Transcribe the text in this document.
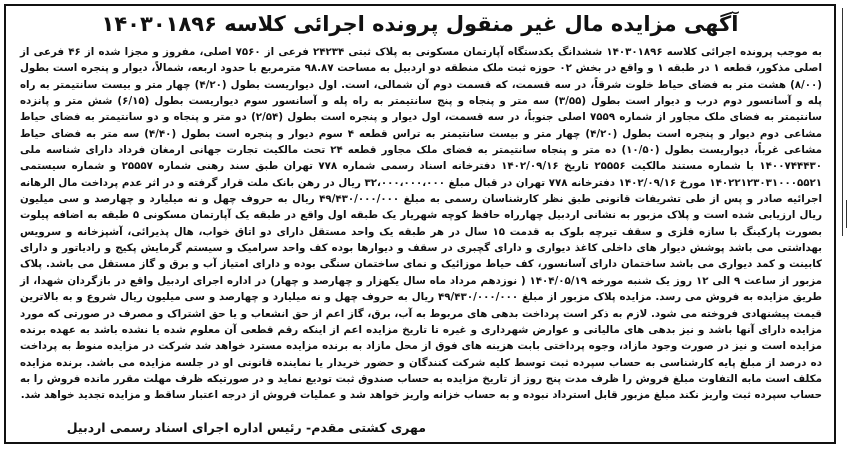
آگهی مزایده مال غیر منقول پرونده اجرائی کلاسه ۱۴۰۳۰۱۸۹۶

به موجب پرونده اجرائی کلاسه ۱۴۰۳۰۱۸۹۶ ششدانگ یکدستگاه آپارتمان مسکونی به پلاک ثبتی ۲۴۲۳۴ فرعی از ۷۵۶۰ اصلی، مفروز و مجزا شده از ۴۶ فرعی از اصلی مذکور، قطعه ۱ در طبقه ۱ و واقع در بخش ۰۲ حوزه ثبت ملک منطقه دو اردبیل به مساحت ۹۸.۸۷ مترمربع با حدود اربعه، شمالاً، دیوار و پنجره است بطول (۸/۰۰) هشت متر به فضای حیاط خلوت شرقاً، در سه قسمت، که قسمت دوم آن شمالی، است. اول دیواریست بطول (۴/۲۰) چهار متر و بیست سانتیمتر به راه پله و آسانسور دوم درب و دیوار است بطول (۳/۵۵) سه متر و پنجاه و پنج سانتیمتر به راه پله و آسانسور سوم دیواریست بطول (۶/۱۵) شش متر و پانزده سانتیمتر به فضای ملک مجاور از شماره ۷۵۵۹ اصلی جنوباً، در سه قسمت، اول دیوار و پنجره است بطول (۲/۵۴) دو متر و پنجاه و دو سانتیمتر به فضای حیاط مشاعی دوم دیوار و پنجره است بطول (۴/۲۰) چهار متر و بیست سانتیمتر به تراس قطعه ۴ سوم دیوار و پنجره است بطول (۴/۴۰) سه متر به فضای حیاط مشاعی غرباً، دیواریست بطول (۱۰/۵۰) ده متر و پنجاه سانتیمتر به فضای ملک مجاور قطعه ۲۴ تحت مالکیت تجارت جهانی ارمغان فرداد دارای شناسه ملی ۱۴۰۰۷۴۴۴۳۰ با شماره مستند مالکیت ۲۵۵۵۶ تاریخ ۱۴۰۲/۰۹/۱۶ دفترخانه اسناد رسمی شماره ۷۷۸ تهران طبق سند رهنی شماره ۲۵۵۵۷ و شماره سیستمی ۱۴۰۲۲۱۲۳۰۳۱۰۰۰۵۵۲۱ مورخ ۱۴۰۲/۰۹/۱۶ دفترخانه ۷۷۸ تهران در قبال مبلغ ۳۲،۰۰۰،۰۰۰،۰۰۰ ریال در رهن بانک ملت قرار گرفته و در اثر عدم پرداخت مال الرهانه اجرائیه صادر و پس از طی تشریفات قانونی طبق نظر کارشناسان رسمی به مبلغ ۴۹/۴۳۰/۰۰۰/۰۰۰ ریال به حروف چهل و نه میلیارد و چهارصد و سی میلیون ریال ارزیابی شده است و پلاک مزبور به نشانی اردبیل چهارراه حافظ کوچه شهریار یک طبقه اول واقع در طبقه یک آپارتمان مسکونی ۵ طبقه به اضافه پیلوت بصورت پارکینگ با سازه فلزی و سقف تیرچه بلوک به قدمت ۱۵ سال در هر طبقه یک واحد مستقل دارای دو اتاق خواب، هال پذیرائی، آشپزخانه و سرویس بهداشتی می باشد پوشش دیوار های داخلی کاغذ دیواری و دارای گچبری در سقف و دیوارها بوده کف واحد سرامیک و سیستم گرمایش پکیج و رادیاتور و دارای کابینت و کمد دیواری می باشد ساختمان دارای آسانسور، کف حیاط موزائیک و نمای ساختمان سنگی بوده و دارای امتیاز آب و برق و گاز مستقل می باشد. پلاک مزبور از ساعت ۹ الی ۱۲ روز یک شنبه مورخه ۱۴۰۴/۰۵/۱۹ ( نوزدهم مرداد ماه سال یکهزار و چهارصد و چهار) در اداره اجرای اردبیل واقع در بازگردان شهدا، از طریق مزایده به فروش می رسد. مزایده پلاک مزبور از مبلغ ۴۹/۴۳۰/۰۰۰/۰۰۰ ریال به حروف چهل و نه میلیارد و چهارصد و سی میلیون ریال شروع و به بالاترین قیمت پیشنهادی فروخته می شود. لازم به ذکر است پرداخت بدهی های مربوط به آب، برق، گاز اعم از حق انشعاب و یا حق اشتراک و مصرف در صورتی که مورد مزایده دارای آنها باشد و نیز بدهی های مالیاتی و عوارض شهرداری و غیره تا تاریخ مزایده اعم از اینکه رقم قطعی آن معلوم شده یا نشده باشد به عهده برنده مزایده است و نیز در صورت وجود مازاد، وجوه پرداختی بابت هزینه های فوق از محل مازاد به برنده مزایده مسترد خواهد شد شرکت در مزایده منوط به پرداخت ده درصد از مبلغ پایه کارشناسی به حساب سپرده ثبت توسط کلیه شرکت کنندگان و حضور خریدار یا نماینده قانونی او در جلسه مزایده می باشد. برنده مزایده مکلف است مابه التفاوت مبلغ فروش را ظرف مدت پنج روز از تاریخ مزایده به حساب صندوق ثبت تودیع نماید و در صورتیکه ظرف مهلت مقرر مانده فروش را به حساب سپرده ثبت واریز نکند مبلغ مزبور قابل استرداد نبوده و به حساب خزانه واریز خواهد شد و عملیات فروش از درجه اعتبار ساقط و مزایده تجدید خواهد شد.

مهری کشتی مقدم- رئیس اداره اجرای اسناد رسمی اردبیل
